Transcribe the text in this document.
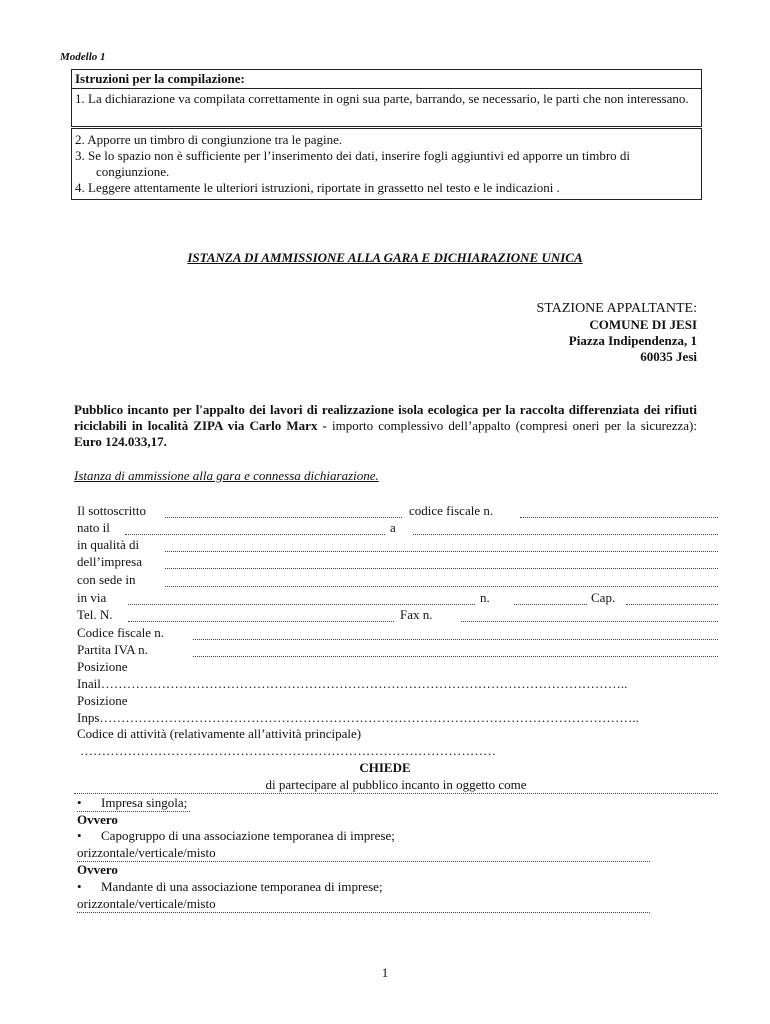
Modello 1

Istruzioni per la compilazione:

1. La dichiarazione va compilata correttamente in ogni sua parte, barrando, se necessario, le parti che non interessano.

2. Apporre un timbro di congiunzione tra le pagine.

3. Se lo spazio non è sufficiente per l’inserimento dei dati, inserire fogli aggiuntivi ed apporre un timbro di congiunzione.

4. Leggere attentamente le ulteriori istruzioni, riportate in grassetto nel testo e le indicazioni .

ISTANZA DI AMMISSIONE ALLA GARA E DICHIARAZIONE UNICA
STAZIONE APPALTANTE:
COMUNE DI JESI
Piazza Indipendenza, 1
60035 Jesi
Pubblico incanto per l'appalto dei lavori di realizzazione isola ecologica per la raccolta differenziata dei rifiuti riciclabili in località ZIPA via Carlo Marx - importo complessivo dell’appalto (compresi oneri per la sicurezza): Euro 124.033,17.
Istanza di ammissione alla gara e connessa dichiarazione.
Il sottoscritto	codice fiscale n.
nato il	a
in qualità di
dell’impresa
con sede in
in via	n.	Cap.
Tel. N.	Fax n.
Codice fiscale n.
Partita IVA n.
Posizione
Inail…………………………………………………………………………………………………………..
Posizione
Inps……………………………………………………………………………………………………………..
Codice di attività (relativamente all’attività principale)
……………………………………………………………………………………
CHIEDE
di partecipare al pubblico incanto in oggetto come
• Impresa singola;
Ovvero
• Capogruppo di una associazione temporanea di imprese;
orizzontale/verticale/misto
Ovvero
• Mandante di una associazione temporanea di imprese;
orizzontale/verticale/misto
1
